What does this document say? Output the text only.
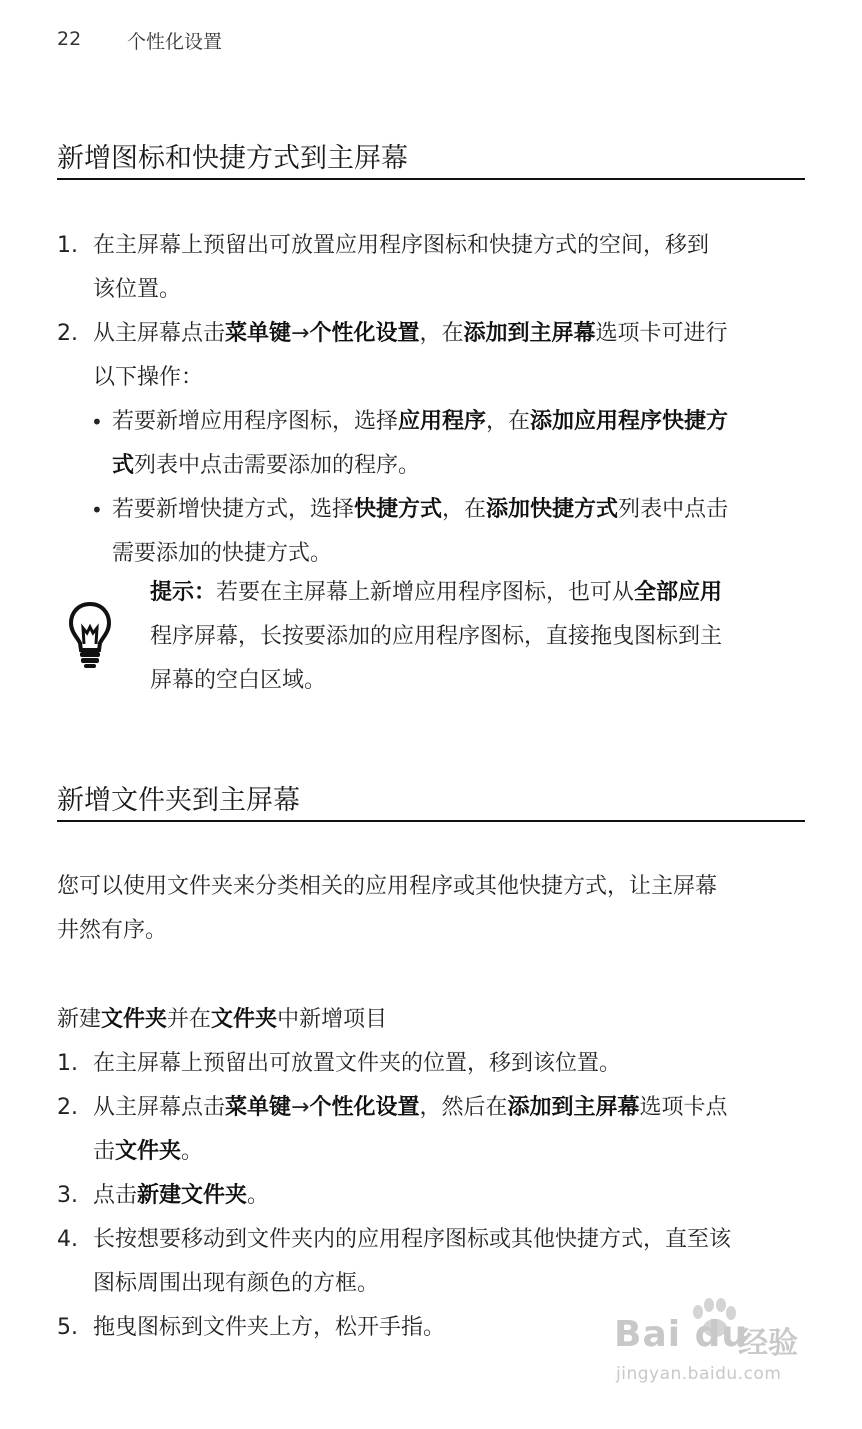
22 个性化设置
新增图标和快捷方式到主屏幕
1. 在主屏幕上预留出可放置应用程序图标和快捷方式的空间，移到
该位置。

2. 从主屏幕点击菜单键→个性化设置，在添加到主屏幕选项卡可进行
以下操作：

• 若要新增应用程序图标，选择应用程序，在添加应用程序快捷方
式列表中点击需要添加的程序。

• 若要新增快捷方式，选择快捷方式，在添加快捷方式列表中点击
需要添加的快捷方式。

提示：若要在主屏幕上新增应用程序图标，也可从全部应用
程序屏幕，长按要添加的应用程序图标，直接拖曳图标到主
屏幕的空白区域。

新增文件夹到主屏幕

您可以使用文件夹来分类相关的应用程序或其他快捷方式，让主屏幕
井然有序。

新建文件夹并在文件夹中新增项目
1. 在主屏幕上预留出可放置文件夹的位置，移到该位置。

2. 从主屏幕点击菜单键→个性化设置，然后在添加到主屏幕选项卡点
击文件夹。

3. 点击新建文件夹。

4. 长按想要移动到文件夹内的应用程序图标或其他快捷方式，直至该
图标周围出现有颜色的方框。

5. 拖曳图标到文件夹上方，松开手指。	Bai du
经验
jingyan.baidu.com
